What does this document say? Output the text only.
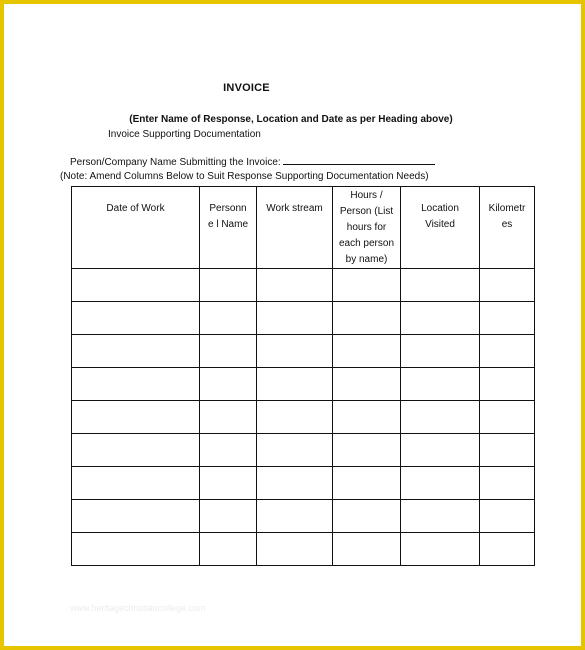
INVOICE
(Enter Name of Response, Location and Date as per Heading above)
Invoice Supporting Documentation
Person/Company Name Submitting the Invoice:
(Note: Amend Columns Below to Suit Response Supporting Documentation Needs)
Date of Work	Personne l Name	Work stream	Hours / Person (List hours for each person by name)	Location Visited	Kilometr es

www.heritagechristiancollege.com
